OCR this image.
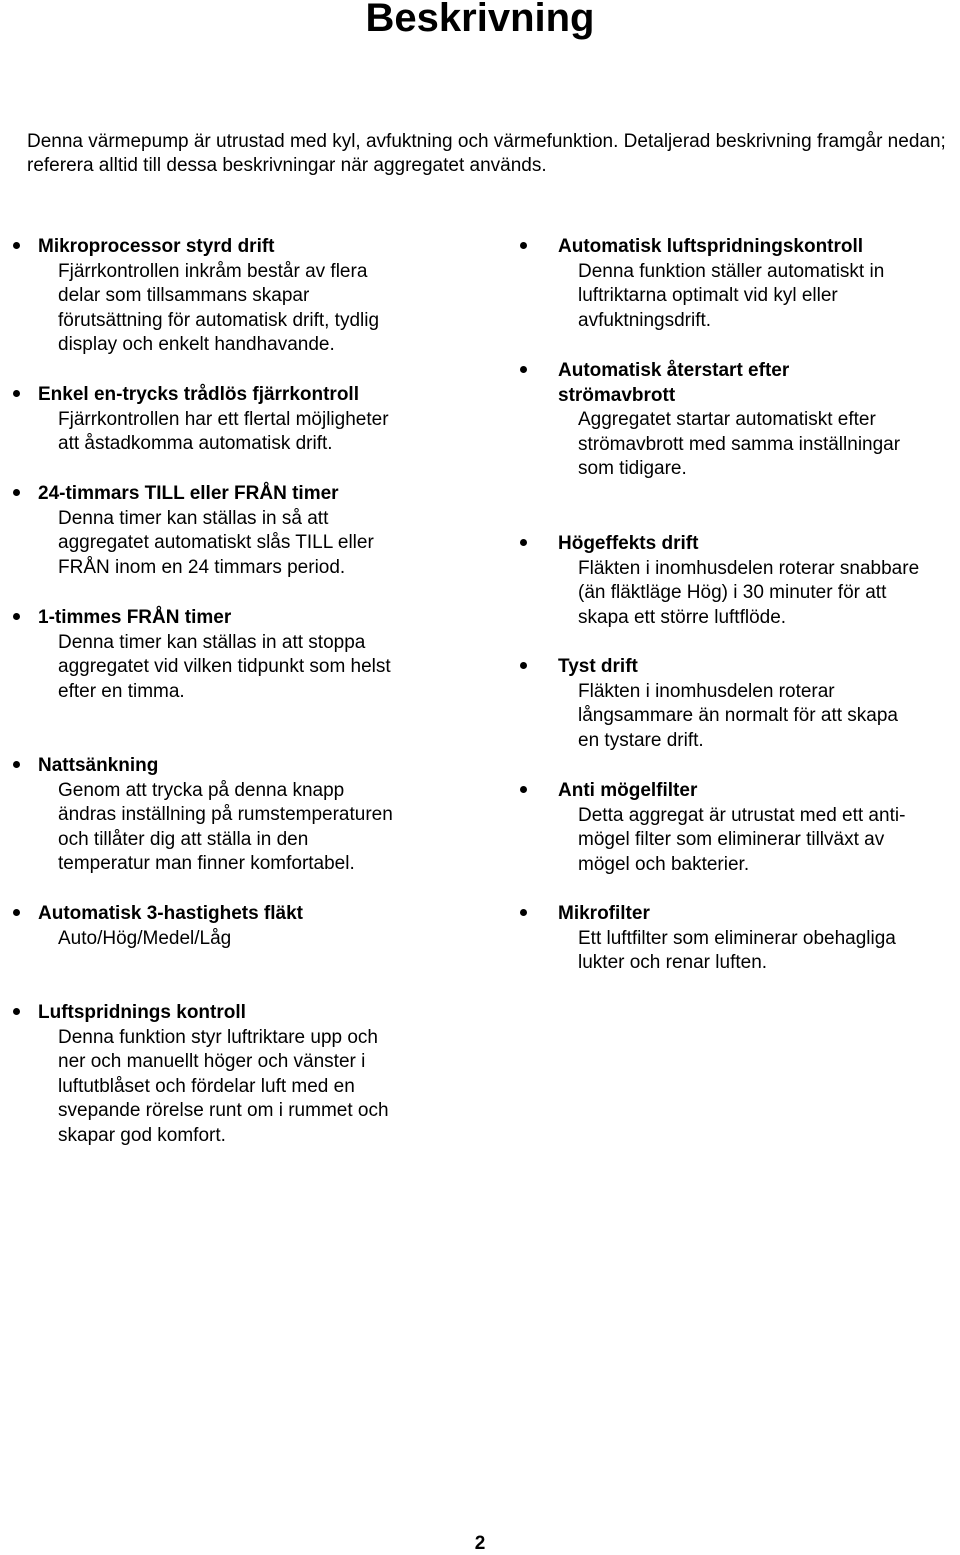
Beskrivning

Denna värmepump är utrustad med kyl, avfuktning och värmefunktion. Detaljerad beskrivning framgår nedan; referera alltid till dessa beskrivningar när aggregatet används.

Mikroprocessor styrd drift
Fjärrkontrollen inkråm består av flera
delar som tillsammans skapar
förutsättning för automatisk drift, tydlig
display och enkelt handhavande.
Enkel en-trycks trådlös fjärrkontroll
Fjärrkontrollen har ett flertal möjligheter
att åstadkomma automatisk drift.
24-timmars TILL eller FRÅN timer
Denna timer kan ställas in så att
aggregatet automatiskt slås TILL eller
FRÅN inom en 24 timmars period.
1-timmes FRÅN timer
Denna timer kan ställas in att stoppa
aggregatet vid vilken tidpunkt som helst
efter en timma.
Nattsänkning
Genom att trycka på denna knapp
ändras inställning på rumstemperaturen
och tillåter dig att ställa in den
temperatur man finner komfortabel.
Automatisk 3-hastighets fläkt
Auto/Hög/Medel/Låg
Luftspridnings kontroll
Denna funktion styr luftriktare upp och
ner och manuellt höger och vänster i
luftutblåset och fördelar luft med en
svepande rörelse runt om i rummet och
skapar god komfort.
Automatisk luftspridningskontroll
Denna funktion ställer automatiskt in
luftriktarna optimalt vid kyl eller
avfuktningsdrift.
Automatisk återstart efter
strömavbrott
Aggregatet startar automatiskt efter
strömavbrott med samma inställningar
som tidigare.
Högeffekts drift
Fläkten i inomhusdelen roterar snabbare
(än fläktläge Hög) i 30 minuter för att
skapa ett större luftflöde.
Tyst drift
Fläkten i inomhusdelen roterar
långsammare än normalt för att skapa
en tystare drift.
Anti mögelfilter
Detta aggregat är utrustat med ett anti-
mögel filter som eliminerar tillväxt av
mögel och bakterier.
Mikrofilter
Ett luftfilter som eliminerar obehagliga
lukter och renar luften.
2
